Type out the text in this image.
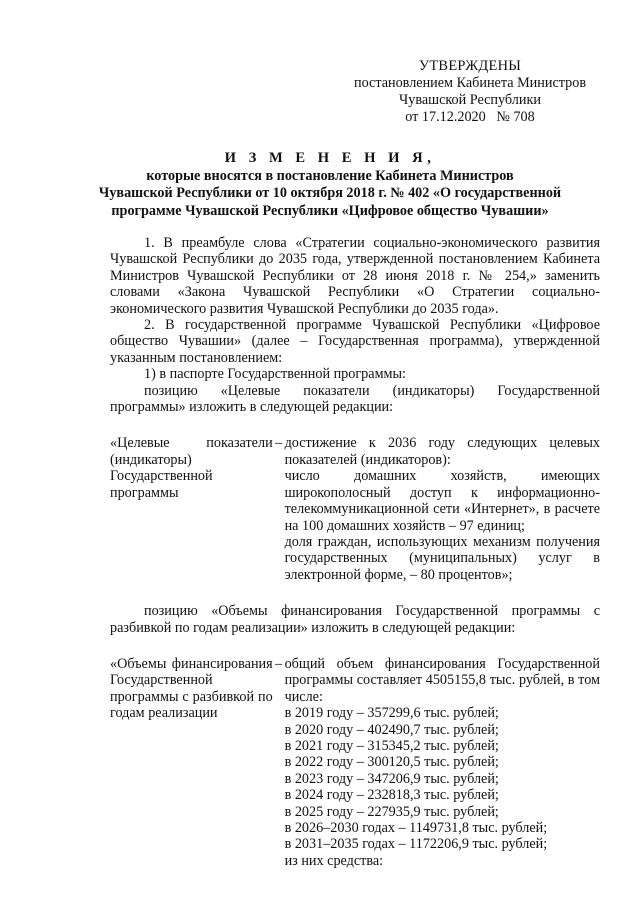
УТВЕРЖДЕНЫ
постановлением Кабинета Министров
Чувашской Республики
от 17.12.2020   № 708
И З М Е Н Е Н И Я,
которые вносятся в постановление Кабинета Министров
Чувашской Республики от 10 октября 2018 г. № 402 «О государственной
программе Чувашской Республики «Цифровое общество Чувашии»

1. В преамбуле слова «Стратегии социально-экономического развития Чувашской Республики до 2035 года, утвержденной постановлением Кабинета Министров Чувашской Республики от 28 июня 2018 г. № 254,» заменить словами «Закона Чувашской Республики «О Стратегии социально-экономического развития Чувашской Республики до 2035 года».

2. В государственной программе Чувашской Республики «Цифровое общество Чувашии» (далее – Государственная программа), утвержденной указанным постановлением:

1) в паспорте Государственной программы:

позицию «Целевые показатели (индикаторы) Государственной программы» изложить в следующей редакции:

«Целевые показатели (индикаторы) Государственной программы
– достижение к 2036 году следующих целевых показателей (индикаторов):

число домашних хозяйств, имеющих широкополосный доступ к информационно-телекоммуникационной сети «Интернет», в расчете на 100 домашних хозяйств – 97 единиц;

доля граждан, использующих механизм получения государственных (муниципальных) услуг в электронной форме, – 80 процентов»;

позицию «Объемы финансирования Государственной программы с разбивкой по годам реализации» изложить в следующей редакции:

«Объемы финансирования Государственной программы с разбивкой по годам реализации
– общий объем финансирования Государственной программы составляет 4505155,8 тыс. рублей, в том числе:

в 2019 году – 357299,6 тыс. рублей;

в 2020 году – 402490,7 тыс. рублей;

в 2021 году – 315345,2 тыс. рублей;

в 2022 году – 300120,5 тыс. рублей;

в 2023 году – 347206,9 тыс. рублей;

в 2024 году – 232818,3 тыс. рублей;

в 2025 году – 227935,9 тыс. рублей;

в 2026–2030 годах – 1149731,8 тыс. рублей;

в 2031–2035 годах – 1172206,9 тыс. рублей;

из них средства:
